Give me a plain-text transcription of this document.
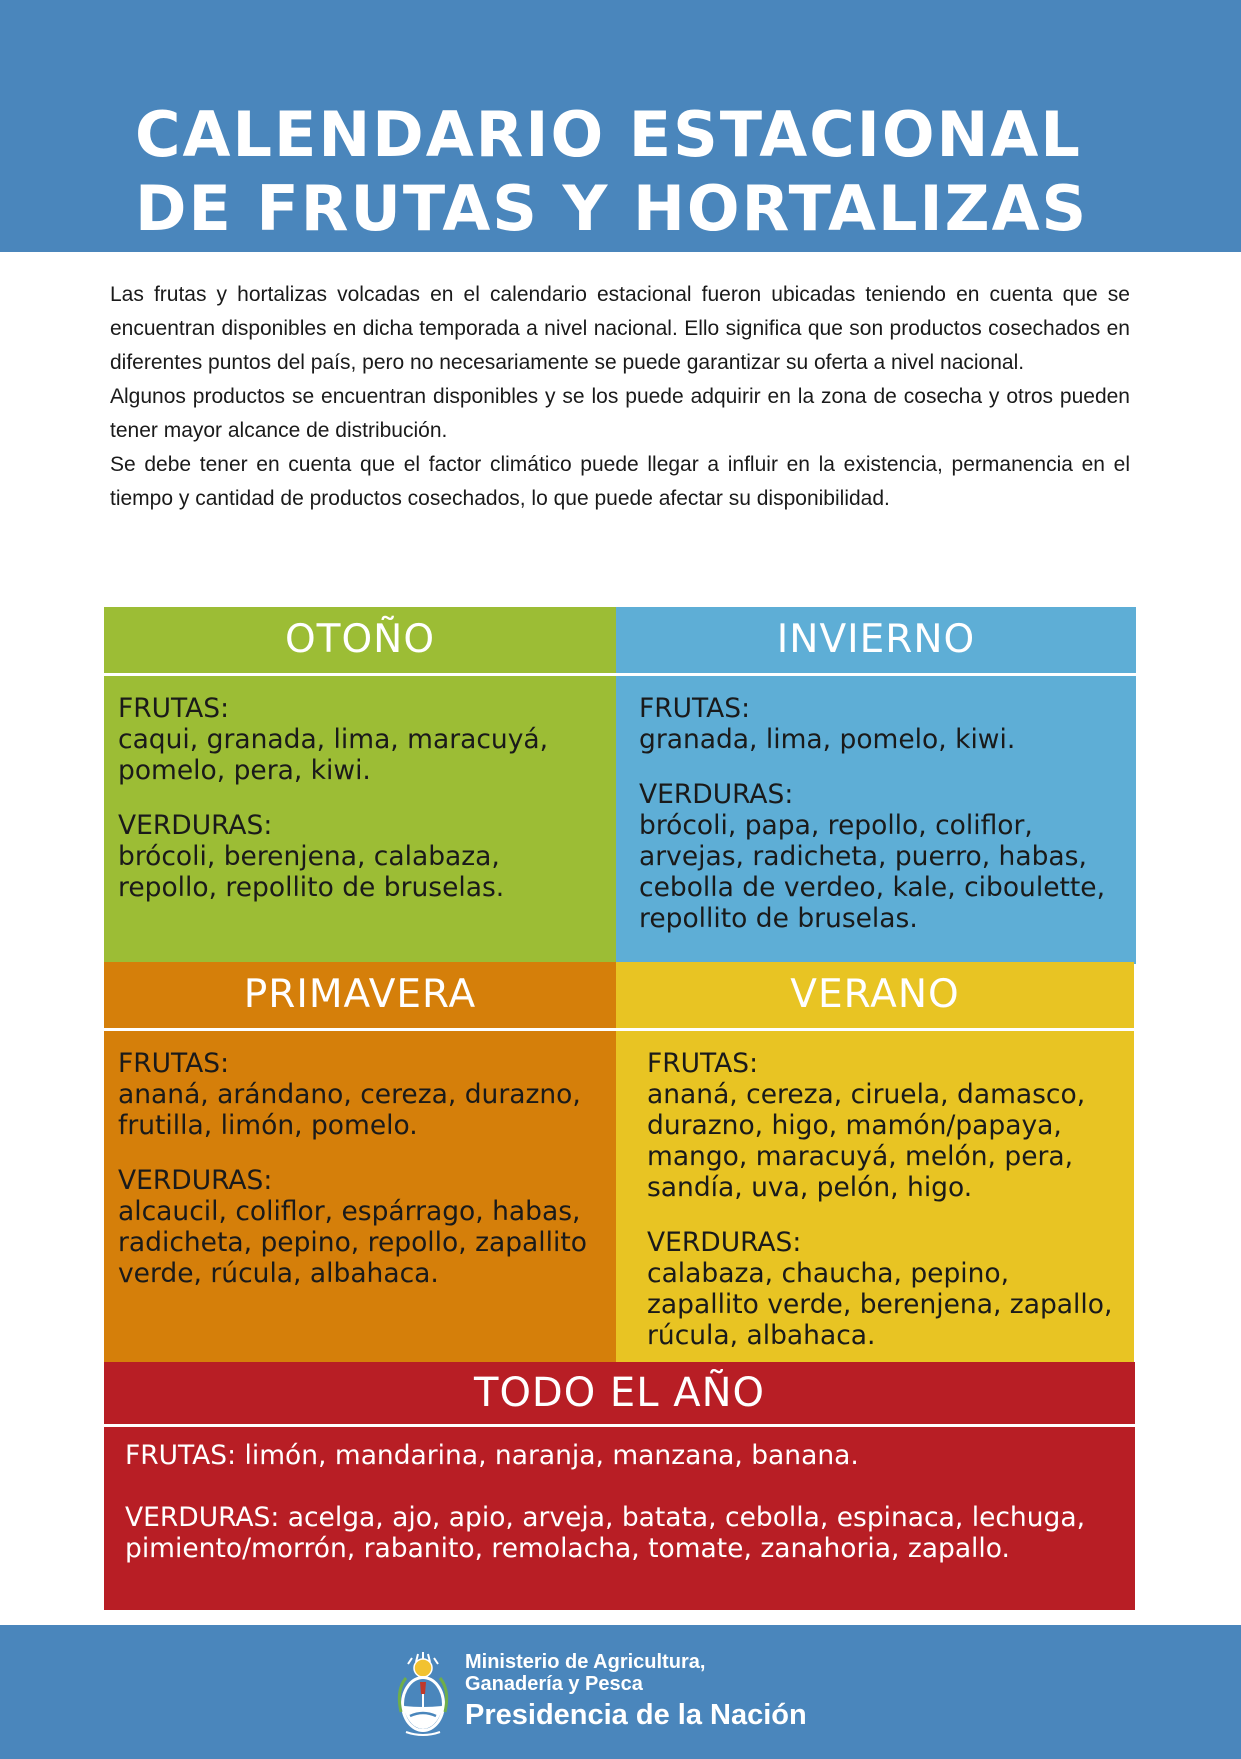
CALENDARIO ESTACIONAL
DE FRUTAS Y HORTALIZAS

Las frutas y hortalizas volcadas en el calendario estacional fueron ubicadas teniendo en cuenta que se encuentran disponibles en dicha temporada a nivel nacional. Ello significa que son productos cosechados en diferentes puntos del país, pero no necesariamente se puede garantizar su oferta a nivel nacional.

Algunos productos se encuentran disponibles y se los puede adquirir en la zona de cosecha y otros pueden tener mayor alcance de distribución.

Se debe tener en cuenta que el factor climático puede llegar a influir en la existencia, permanencia en el tiempo y cantidad de productos cosechados, lo que puede afectar su disponibilidad.

OTOÑO
FRUTAS:
caqui, granada, lima, maracuyá, pomelo, pera, kiwi.
VERDURAS:
brócoli, berenjena, calabaza, repollo, repollito de bruselas.
INVIERNO
FRUTAS:
granada, lima, pomelo, kiwi.
VERDURAS:
brócoli, papa, repollo, coliflor, arvejas, radicheta, puerro, habas, cebolla de verdeo, kale, ciboulette, repollito de bruselas.
PRIMAVERA
FRUTAS:
ananá, arándano, cereza, durazno, frutilla, limón, pomelo.
VERDURAS:
alcaucil, coliflor, espárrago, habas, radicheta, pepino, repollo, zapallito verde, rúcula, albahaca.
VERANO
FRUTAS:
ananá, cereza, ciruela, damasco, durazno, higo, mamón/papaya, mango, maracuyá, melón, pera, sandía, uva, pelón, higo.
VERDURAS:
calabaza, chaucha, pepino, zapallito verde, berenjena, zapallo, rúcula, albahaca.
TODO EL AÑO
FRUTAS: limón, mandarina, naranja, manzana, banana.
VERDURAS: acelga, ajo, apio, arveja, batata, cebolla, espinaca, lechuga, pimiento/morrón, rabanito, remolacha, tomate, zanahoria, zapallo.
Ministerio de Agricultura,
Ganadería y Pesca
Presidencia de la Nación
